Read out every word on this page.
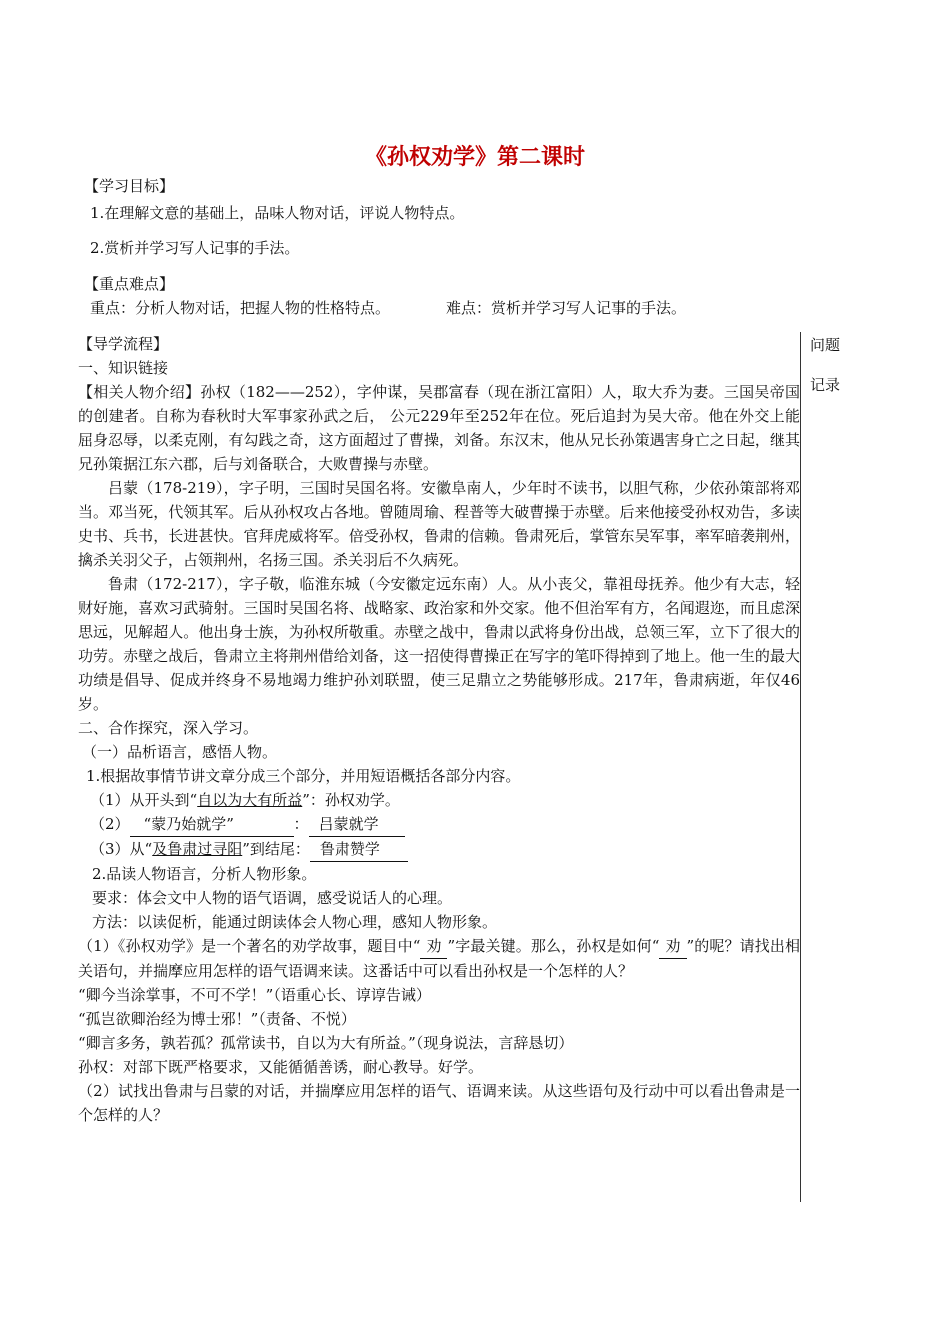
《孙权劝学》第二课时
【学习目标】
1.在理解文意的基础上，品味人物对话，评说人物特点。
2.赏析并学习写人记事的手法。
【重点难点】
重点：分析人物对话，把握人物的性格特点。	难点：赏析并学习写人记事的手法。
问题
记录

【导学流程】

一、知识链接

【相关人物介绍】孙权（182——252），字仲谋，吴郡富春（现在浙江富阳）人，取大乔为妻。三国吴帝国的创建者。自称为春秋时大军事家孙武之后， 公元229年至252年在位。死后追封为吴大帝。他在外交上能屈身忍辱，以柔克刚，有勾践之奇，这方面超过了曹操，刘备。东汉末，他从兄长孙策遇害身亡之日起，继其兄孙策据江东六郡，后与刘备联合，大败曹操与赤壁。

吕蒙（178-219），字子明，三国时吴国名将。安徽阜南人，少年时不读书，以胆气称，少依孙策部将邓当。邓当死，代领其军。后从孙权攻占各地。曾随周瑜、程普等大破曹操于赤壁。后来他接受孙权劝告，多读史书、兵书，长进甚快。官拜虎威将军。倍受孙权，鲁肃的信赖。鲁肃死后，掌管东吴军事，率军暗袭荆州，擒杀关羽父子，占领荆州，名扬三国。杀关羽后不久病死。

鲁肃（172-217），字子敬，临淮东城（今安徽定远东南）人。从小丧父，靠祖母抚养。他少有大志，轻财好施，喜欢习武骑射。三国时吴国名将、战略家、政治家和外交家。他不但治军有方，名闻遐迩，而且虑深思远，见解超人。他出身士族，为孙权所敬重。赤壁之战中，鲁肃以武将身份出战，总领三军，立下了很大的功劳。赤壁之战后，鲁肃立主将荆州借给刘备，这一招使得曹操正在写字的笔吓得掉到了地上。他一生的最大功绩是倡导、促成并终身不易地竭力维护孙刘联盟，使三足鼎立之势能够形成。217年，鲁肃病逝，年仅46岁。

二、合作探究，深入学习。

（一）品析语言，感悟人物。

1.根据故事情节讲文章分成三个部分，并用短语概括各部分内容。

（1）从开头到“自以为大有所益”：孙权劝学。

（2） “蒙乃始就学”	： 吕蒙就学

（3）从“及鲁肃过寻阳”到结尾： 鲁肃赞学

2.品读人物语言，分析人物形象。

要求：体会文中人物的语气语调，感受说话人的心理。

方法：以读促析，能通过朗读体会人物心理，感知人物形象。

（1）《孙权劝学》是一个著名的劝学故事，题目中“ 劝 ”字最关键。那么，孙权是如何“ 劝 ”的呢？请找出相关语句，并揣摩应用怎样的语气语调来读。这番话中可以看出孙权是一个怎样的人？

“卿今当涂掌事，不可不学！”（语重心长、谆谆告诫）

“孤岂欲卿治经为博士邪！”（责备、不悦）

“卿言多务，孰若孤？孤常读书，自以为大有所益。”（现身说法，言辞恳切）

孙权：对部下既严格要求，又能循循善诱，耐心教导。好学。

（2）试找出鲁肃与吕蒙的对话，并揣摩应用怎样的语气、语调来读。从这些语句及行动中可以看出鲁肃是一个怎样的人？
